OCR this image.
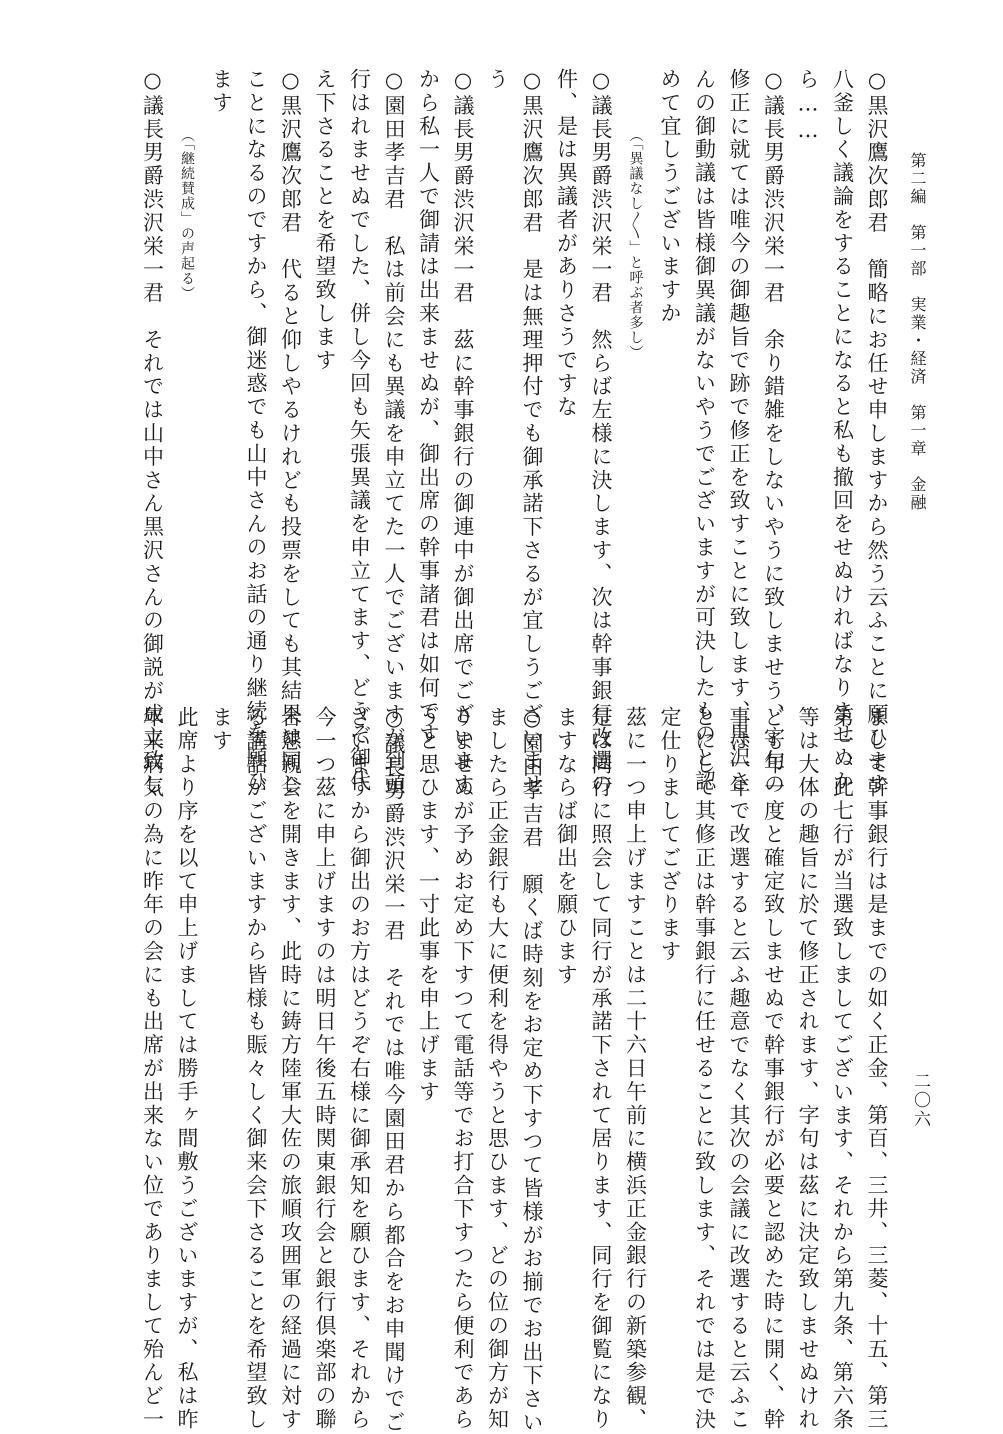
第二編　第一部　実業・経済　第一章　金融
二〇六
○黒沢鷹次郎君　簡略にお任せ申しますから然う云ふことに願ひます
八釜しく議論をすることになると私も撤回をせぬければなりませぬか
ら……
○議長男爵渋沢栄一君　余り錯雑をしないやうに致しませう、字句の
修正に就ては唯今の御趣旨で跡で修正を致すことに致します、黒沢さ
んの御動議は皆様御異議がないやうでございますが可決したものと認
めて宜しうございますか
（「異議なし〱」と呼ぶ者多し）
○議長男爵渋沢栄一君　然らば左様に決します、次は幹事銀行改選の
件、是は異議者がありさうですな
○黒沢鷹次郎君　是は無理押付でも御承諾下さるが宜しうございませ
う
○議長男爵渋沢栄一君　茲に幹事銀行の御連中が御出席でございます
から私一人で御請は出来ませぬが、御出席の幹事諸君は如何です
○園田孝吉君　私は前会にも異議を申立てた一人でございますが到頭
行はれませぬでした、併し今回も矢張異議を申立てます、どうぞ御代
え下さることを希望致します
○黒沢鷹次郎君　代ると仰しやるけれども投票をしても其結果は同じ
ことになるのですから、御迷惑でも山中さんのお話の通り継続を願ひ
ます
（「継続賛成」の声起る）
○議長男爵渋沢栄一君　それでは山中さん黒沢さんの御説が成立致し
まして幹事銀行は是までの如く正金、第百、三井、三菱、十五、第三
第一、此七行が当選致しましてございます、それから第九条、第六条
等は大体の趣旨に於て修正されます、字句は茲に決定致しませぬけれ
ども年一度と確定致しませぬで幹事銀行が必要と認めた時に開く、幹
事は一年で改選すると云ふ趣意でなく其次の会議に改選すると云ふこ
とにして其修正は幹事銀行に任せることに致します、それでは是で決
定仕りましてござります
茲に一つ申上げますことは二十六日午前に横浜正金銀行の新築参観、
是は同行に照会して同行が承諾下されて居ります、同行を御覧になり
ますならば御出を願ひます
○園田孝吉君　願くば時刻をお定め下すつて皆様がお揃でお出下さい
ましたら正金銀行も大に便利を得やうと思ひます、どの位の御方が知
りませぬが予めお定め下すつて電話等でお打合下すつたら便利であら
うと思ひます、一寸此事を申上げます
○議長男爵渋沢栄一君　それでは唯今園田君から都合をお申聞けでご
ざいますから御出のお方はどうぞ右様に御承知を願ひます、それから
今一つ茲に申上げますのは明日午後五時関東銀行会と銀行倶楽部の聯
合懇親会を開きます、此時に鋳方陸軍大佐の旅順攻囲軍の経過に対す
る講話がございますから皆様も賑々しく御来会下さることを希望致し
ます
此席より序を以て申上げましては勝手ヶ間敷うございますが、私は昨
年来病気の為に昨年の会にも出席が出来ない位でありまして殆んど一
